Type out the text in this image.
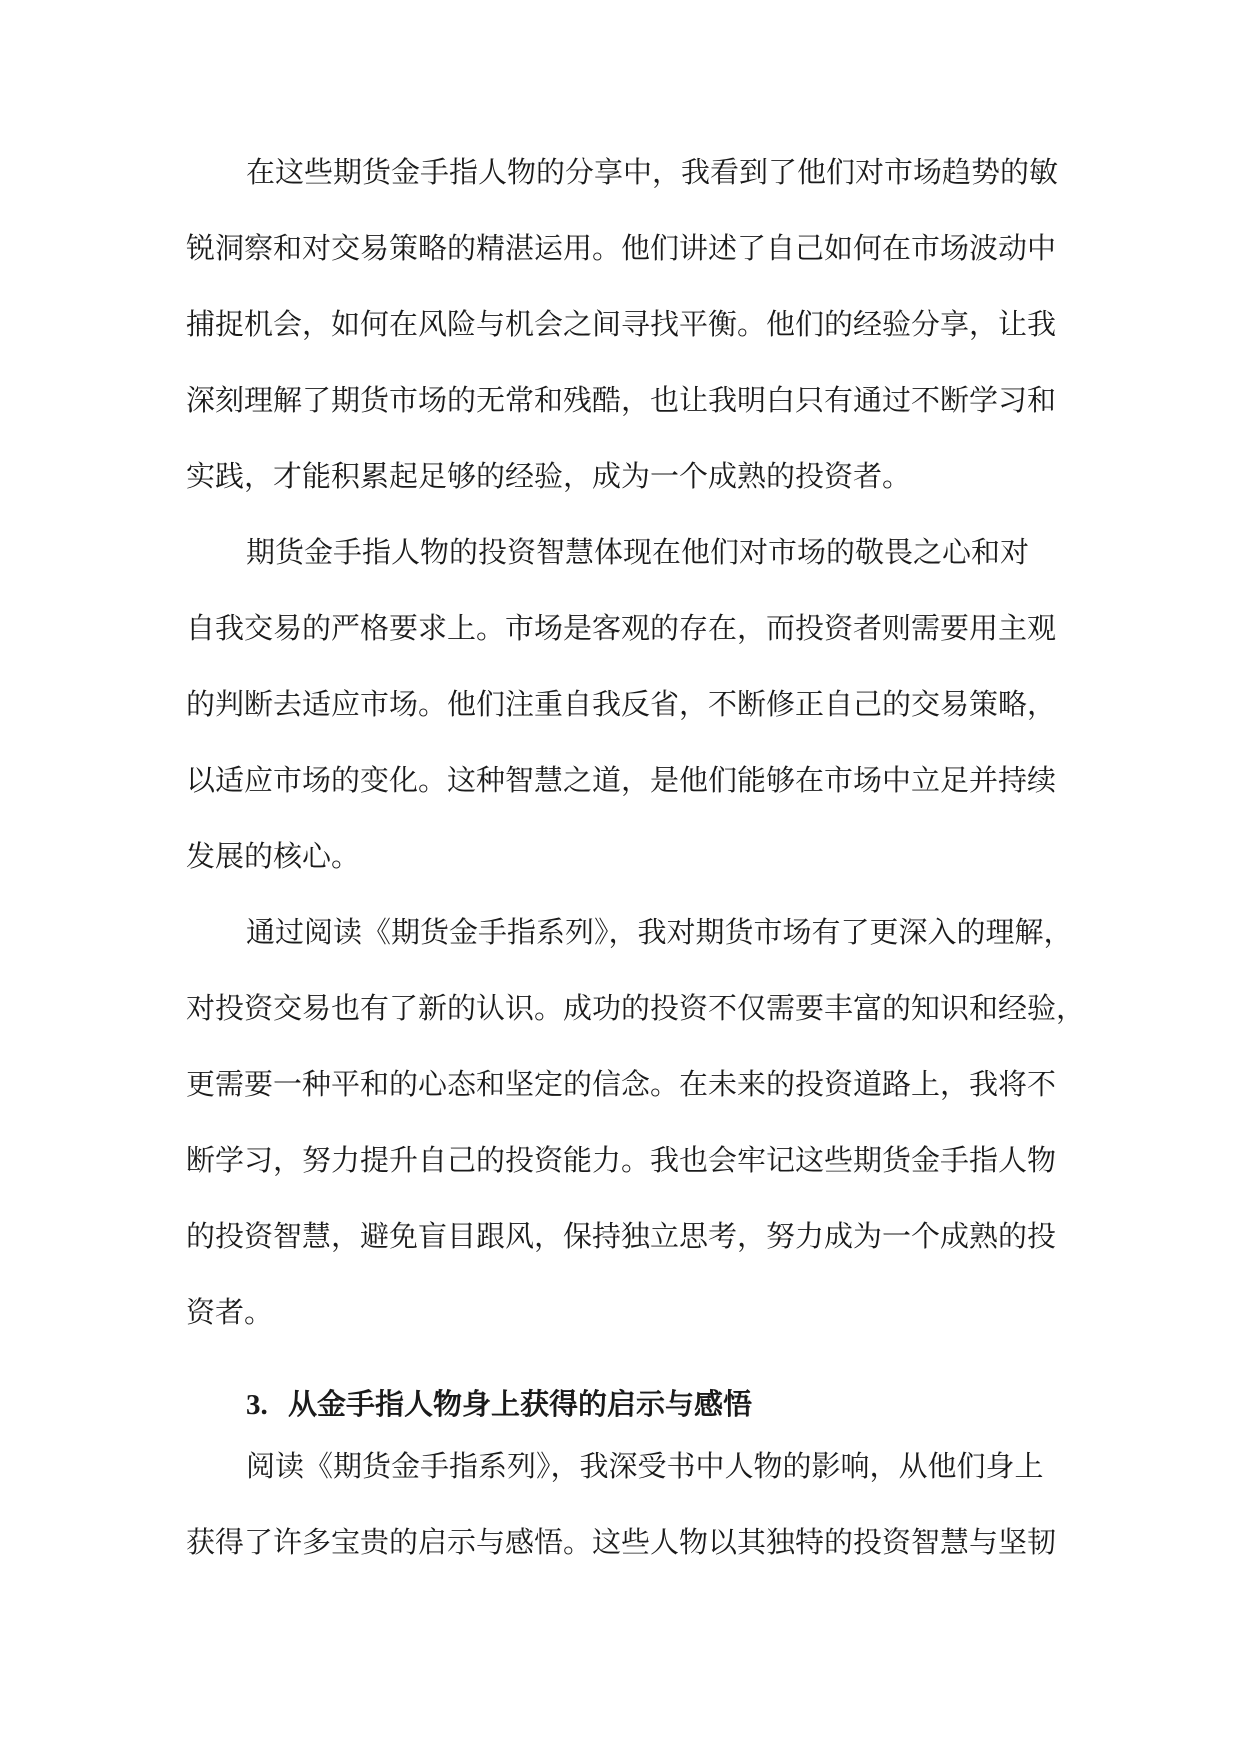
在这些期货金手指人物的分享中，我看到了他们对市场趋势的敏
锐洞察和对交易策略的精湛运用。他们讲述了自己如何在市场波动中
捕捉机会，如何在风险与机会之间寻找平衡。他们的经验分享，让我
深刻理解了期货市场的无常和残酷，也让我明白只有通过不断学习和
实践，才能积累起足够的经验，成为一个成熟的投资者。
期货金手指人物的投资智慧体现在他们对市场的敬畏之心和对
自我交易的严格要求上。市场是客观的存在，而投资者则需要用主观
的判断去适应市场。他们注重自我反省，不断修正自己的交易策略，
以适应市场的变化。这种智慧之道，是他们能够在市场中立足并持续
发展的核心。
通过阅读《期货金手指系列》，我对期货市场有了更深入的理解，
对投资交易也有了新的认识。成功的投资不仅需要丰富的知识和经验，
更需要一种平和的心态和坚定的信念。在未来的投资道路上，我将不
断学习，努力提升自己的投资能力。我也会牢记这些期货金手指人物
的投资智慧，避免盲目跟风，保持独立思考，努力成为一个成熟的投
资者。
3. 从金手指人物身上获得的启示与感悟
阅读《期货金手指系列》，我深受书中人物的影响，从他们身上
获得了许多宝贵的启示与感悟。这些人物以其独特的投资智慧与坚韧
